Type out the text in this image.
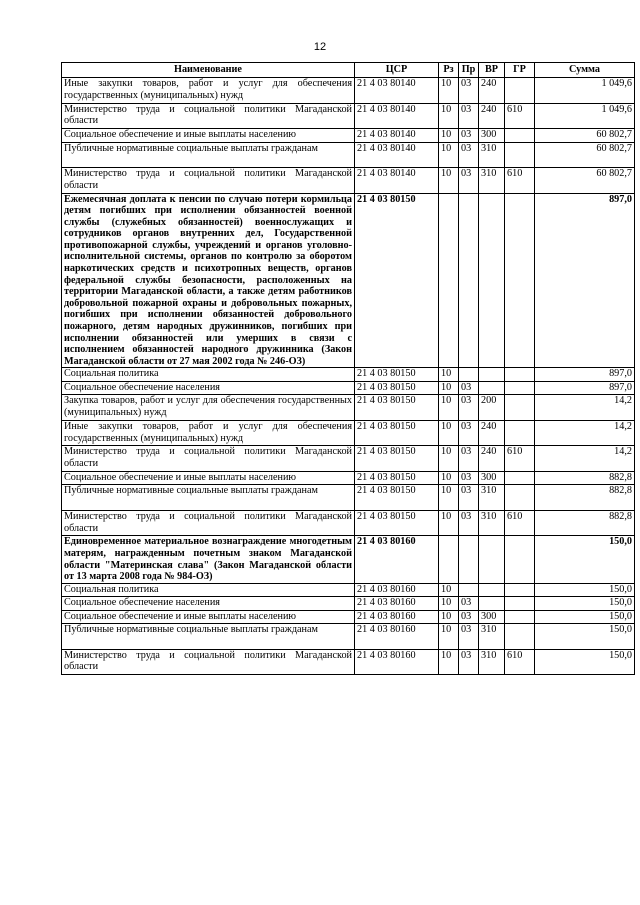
12
Наименование	ЦСР	Рз	Пр	ВР	ГР	Сумма
Иные закупки товаров, работ и услуг для обеспечения государственных (муниципальных) нужд	21 4 03 80140	10	03	240		1 049,6
Министерство труда и социальной политики Магаданской области	21 4 03 80140	10	03	240	610	1 049,6
Социальное обеспечение и иные выплаты населению	21 4 03 80140	10	03	300		60 802,7
Публичные нормативные социальные выплаты гражданам	21 4 03 80140	10	03	310		60 802,7
Министерство труда и социальной политики Магаданской области	21 4 03 80140	10	03	310	610	60 802,7
Ежемесячная доплата к пенсии по случаю потери кормильца детям погибших при исполнении обязанностей военной службы (служебных обязанностей) военнослужащих и сотрудников органов внутренних дел, Государственной противопожарной службы, учреждений и органов уголовно-исполнительной системы, органов по контролю за оборотом наркотических средств и психотропных веществ, органов федеральной службы безопасности, расположенных на территории Магаданской области, а также детям работников добровольной пожарной охраны и добровольных пожарных, погибших при исполнении обязанностей добровольного пожарного, детям народных дружинников, погибших при исполнении обязанностей или умерших в связи с исполнением обязанностей народного дружинника (Закон Магаданской области от 27 мая 2002 года № 246-ОЗ)	21 4 03 80150					897,0
Социальная политика	21 4 03 80150	10				897,0
Социальное обеспечение населения	21 4 03 80150	10	03			897,0
Закупка товаров, работ и услуг для обеспечения государственных (муниципальных) нужд	21 4 03 80150	10	03	200		14,2
Иные закупки товаров, работ и услуг для обеспечения государственных (муниципальных) нужд	21 4 03 80150	10	03	240		14,2
Министерство труда и социальной политики Магаданской области	21 4 03 80150	10	03	240	610	14,2
Социальное обеспечение и иные выплаты населению	21 4 03 80150	10	03	300		882,8
Публичные нормативные социальные выплаты гражданам	21 4 03 80150	10	03	310		882,8
Министерство труда и социальной политики Магаданской области	21 4 03 80150	10	03	310	610	882,8
Единовременное материальное вознаграждение многодетным матерям, награжденным почетным знаком Магаданской области "Материнская слава" (Закон Магаданской области от 13 марта 2008 года № 984-ОЗ)	21 4 03 80160					150,0
Социальная политика	21 4 03 80160	10				150,0
Социальное обеспечение населения	21 4 03 80160	10	03			150,0
Социальное обеспечение и иные выплаты населению	21 4 03 80160	10	03	300		150,0
Публичные нормативные социальные выплаты гражданам	21 4 03 80160	10	03	310		150,0
Министерство труда и социальной политики Магаданской области	21 4 03 80160	10	03	310	610	150,0
